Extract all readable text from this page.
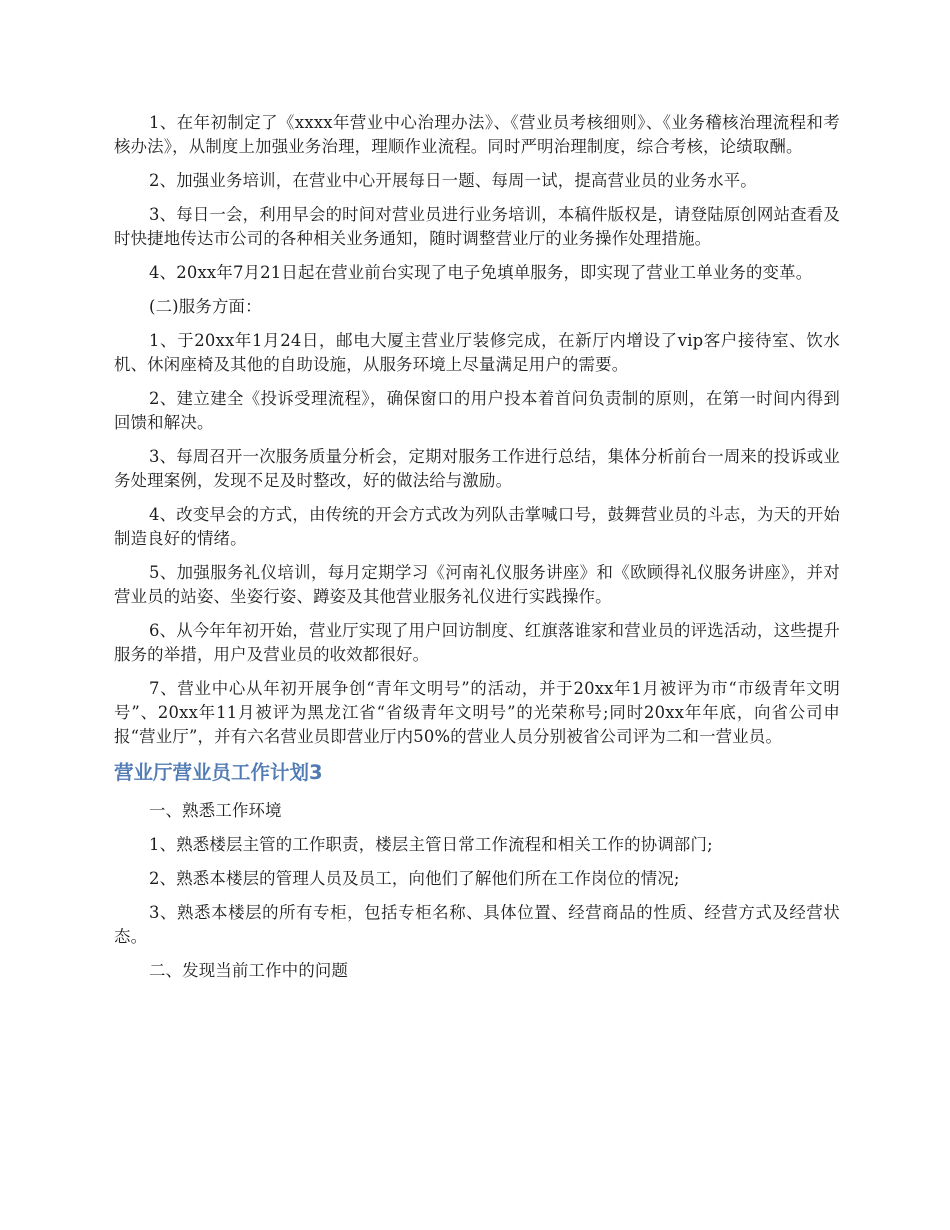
1、在年初制定了《xxxx年营业中心治理办法》、《营业员考核细则》、《业务稽核治理流程和考核办法》，从制度上加强业务治理，理顺作业流程。同时严明治理制度，综合考核，论绩取酬。

2、加强业务培训，在营业中心开展每日一题、每周一试，提高营业员的业务水平。

3、每日一会，利用早会的时间对营业员进行业务培训，本稿件版权是，请登陆原创网站查看及时快捷地传达市公司的各种相关业务通知，随时调整营业厅的业务操作处理措施。

4、20xx年7月21日起在营业前台实现了电子免填单服务，即实现了营业工单业务的变革。

(二)服务方面：

1、于20xx年1月24日，邮电大厦主营业厅装修完成，在新厅内增设了vip客户接待室、饮水机、休闲座椅及其他的自助设施，从服务环境上尽量满足用户的需要。

2、建立建全《投诉受理流程》，确保窗口的用户投本着首问负责制的原则，在第一时间内得到回馈和解决。

3、每周召开一次服务质量分析会，定期对服务工作进行总结，集体分析前台一周来的投诉或业务处理案例，发现不足及时整改，好的做法给与激励。

4、改变早会的方式，由传统的开会方式改为列队击掌喊口号，鼓舞营业员的斗志，为天的开始制造良好的情绪。

5、加强服务礼仪培训，每月定期学习《河南礼仪服务讲座》和《欧顾得礼仪服务讲座》，并对营业员的站姿、坐姿行姿、蹲姿及其他营业服务礼仪进行实践操作。

6、从今年年初开始，营业厅实现了用户回访制度、红旗落谁家和营业员的评选活动，这些提升服务的举措，用户及营业员的收效都很好。

7、营业中心从年初开展争创“青年文明号”的活动，并于20xx年1月被评为市“市级青年文明号”、20xx年11月被评为黑龙江省“省级青年文明号”的光荣称号;同时20xx年年底，向省公司申报“营业厅”，并有六名营业员即营业厅内50%的营业人员分别被省公司评为二和一营业员。

营业厅营业员工作计划3

一、熟悉工作环境

1、熟悉楼层主管的工作职责，楼层主管日常工作流程和相关工作的协调部门;

2、熟悉本楼层的管理人员及员工，向他们了解他们所在工作岗位的情况;

3、熟悉本楼层的所有专柜，包括专柜名称、具体位置、经营商品的性质、经营方式及经营状态。

二、发现当前工作中的问题
